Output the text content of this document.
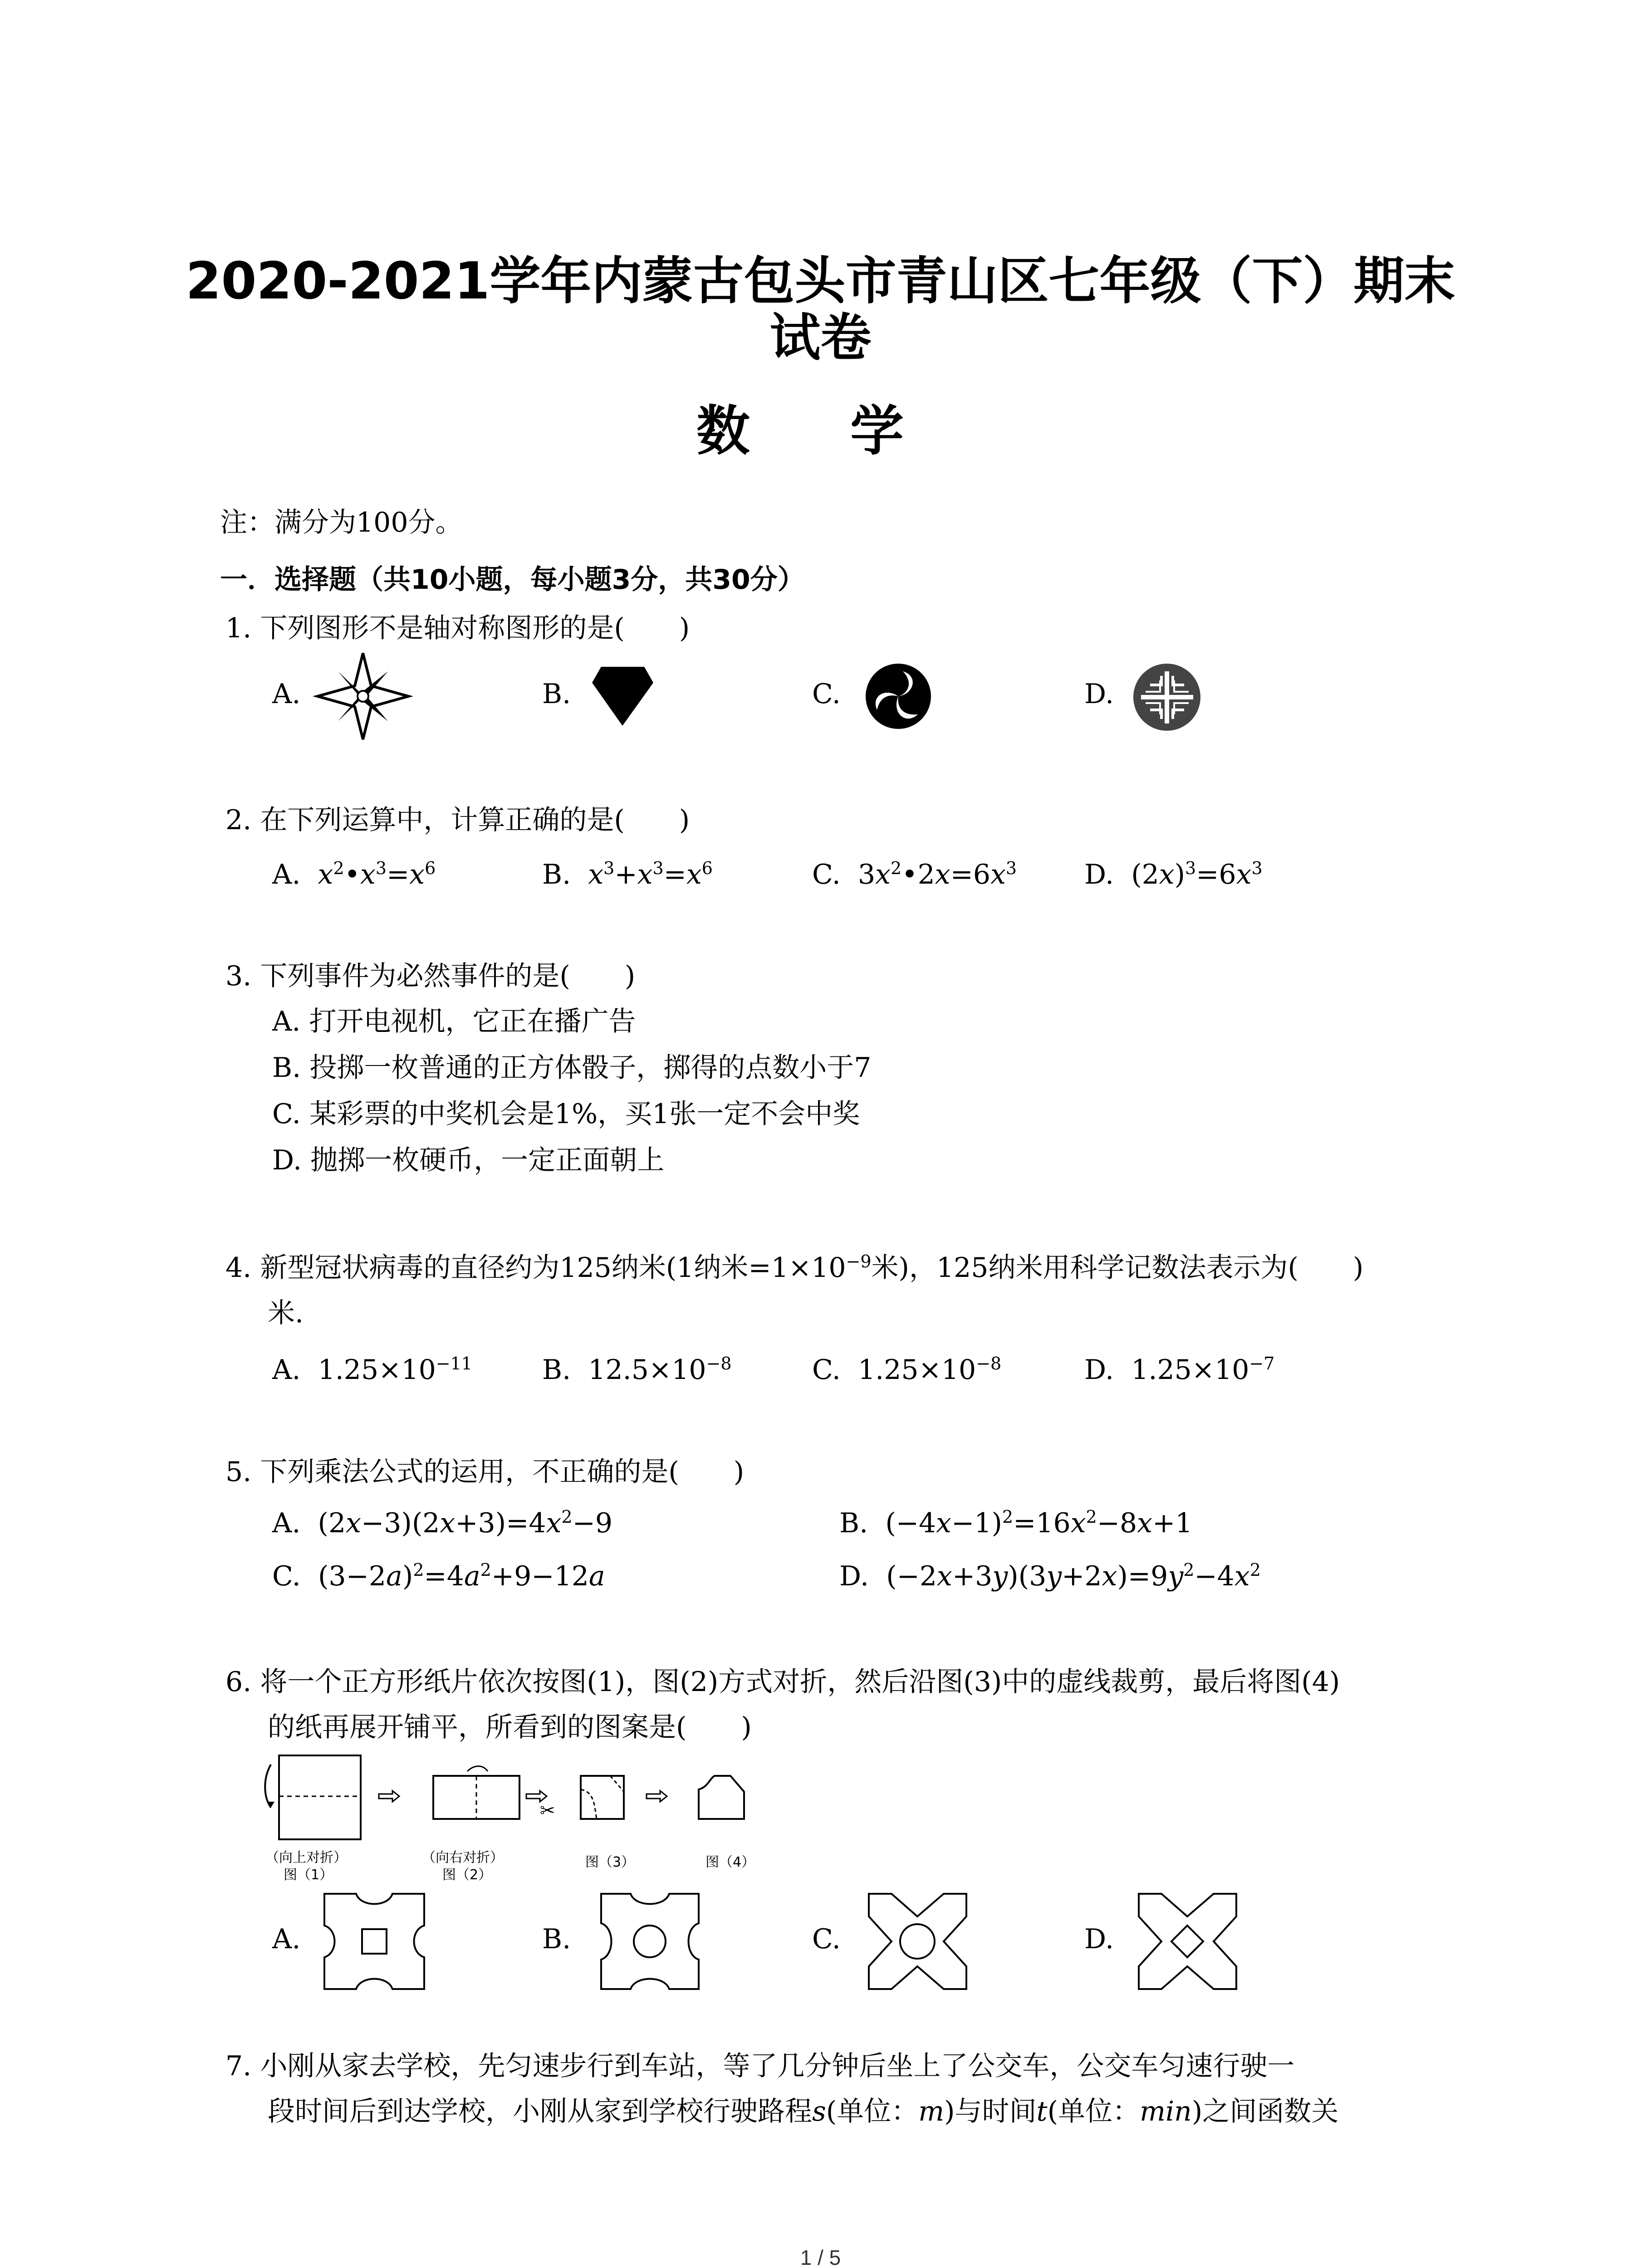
2020-2021学年内蒙古包头市青山区七年级（下）期末
试卷
数 学
注：满分为100分。
一．选择题（共10小题，每小题3分，共30分）
1. 下列图形不是轴对称图形的是(　　)
A.	B.	C.	D.
2. 在下列运算中，计算正确的是(　　)
A. $x^2•x^3=x^6$	B. $x^3+x^3=x^6$	C.  $3x^2•2x=6x^3$ D.  $(2x)^3=6x^3$
3. 下列事件为必然事件的是(　　)
A. 打开电视机，它正在播广告
B. 投掷一枚普通的正方体骰子，掷得的点数小于7
C. 某彩票的中奖机会是1%，买1张一定不会中奖
D. 抛掷一枚硬币，一定正面朝上
4. 新型冠状病毒的直径约为125纳米(1纳米$=1\times 10^{-9}$米)，125纳米用科学记数法表示为(　　)
米.
A. $1.25\times 10^{-11}$	B. $12.5\times 10^{-8}$	C. $1.25\times 10^{-8}$	D. $1.25\times 10^{-7}$
5. 下列乘法公式的运用，不正确的是(　　)
A.  $(2x-3)(2x+3)=4x^2-9$	B.  $(-4x-1)^2=16x^2-8x+1$
C.  $(3-2a)^2=4a^2+9-12a$	D.  $(-2x+3y)(3y+2x)=9y^2-4x^2$
6. 将一个正方形纸片依次按图(1)，图(2)方式对折，然后沿图(3)中的虚线裁剪，最后将图(4)
的纸再展开铺平，所看到的图案是(　　)
✂
（向上对折）
图（1）
（向右对折）
图（2）
图（3）	图（4）
A.	B.	C.	D.
7. 小刚从家去学校，先匀速步行到车站，等了几分钟后坐上了公交车，公交车匀速行驶一
段时间后到达学校，小刚从家到学校行驶路程s(单位：m)与时间t(单位：min)之间函数关
1 / 5
